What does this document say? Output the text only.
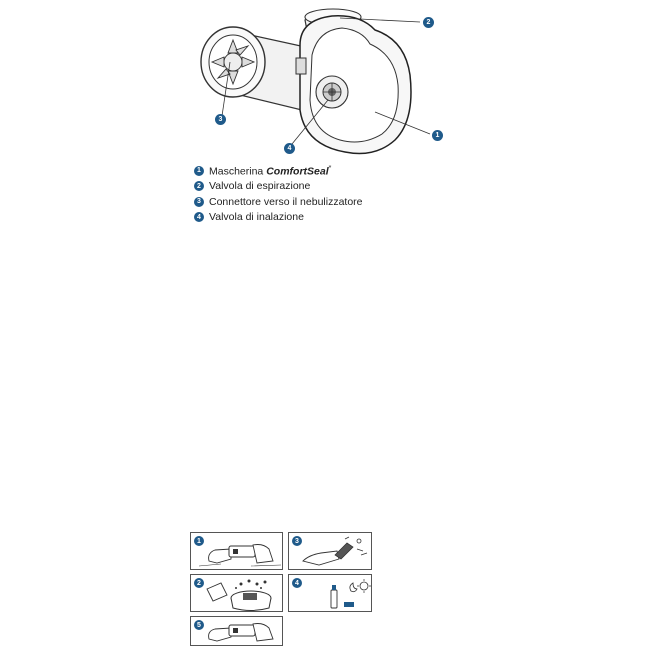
2
1
3
4
1 Mascherina ComfortSeal*
2 Valvola di espirazione
3 Connettore verso il nebulizzatore
4 Valvola di inalazione
1
2
3
4
5
